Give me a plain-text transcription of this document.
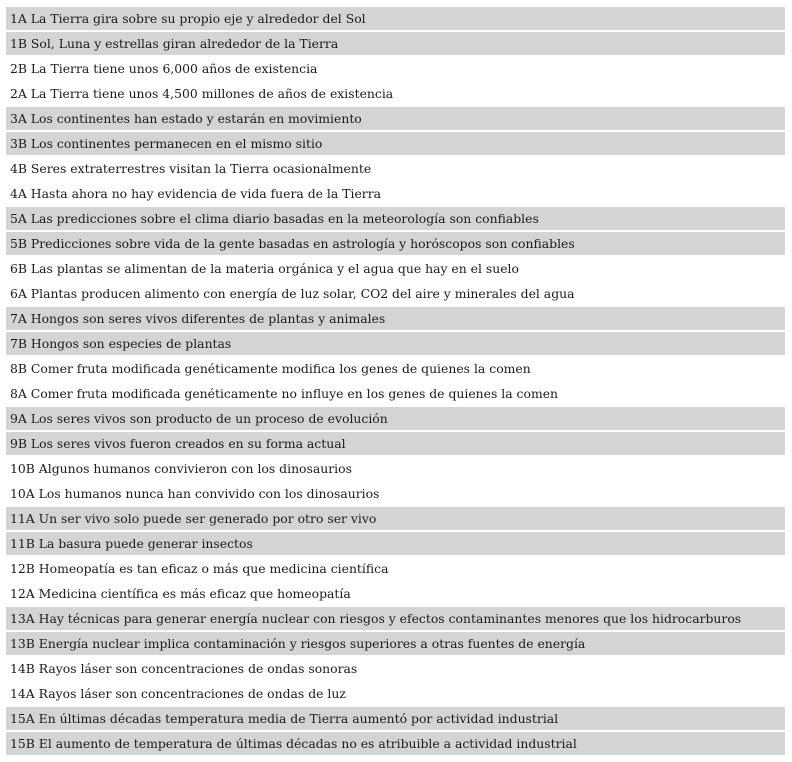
1A La Tierra gira sobre su propio eje y alrededor del Sol
1B Sol, Luna y estrellas giran alrededor de la Tierra
2B La Tierra tiene unos 6,000 años de existencia
2A La Tierra tiene unos 4,500 millones de años de existencia
3A Los continentes han estado y estarán en movimiento
3B Los continentes permanecen en el mismo sitio
4B Seres extraterrestres visitan la Tierra ocasionalmente
4A Hasta ahora no hay evidencia de vida fuera de la Tierra
5A Las predicciones sobre el clima diario basadas en la meteorología son confiables
5B Predicciones sobre vida de la gente basadas en astrología y horóscopos son confiables
6B Las plantas se alimentan de la materia orgánica y el agua que hay en el suelo
6A Plantas producen alimento con energía de luz solar, CO2 del aire y minerales del agua
7A Hongos son seres vivos diferentes de plantas y animales
7B Hongos son especies de plantas
8B Comer fruta modificada genéticamente modifica los genes de quienes la comen
8A Comer fruta modificada genéticamente no influye en los genes de quienes la comen
9A Los seres vivos son producto de un proceso de evolución
9B Los seres vivos fueron creados en su forma actual
10B Algunos humanos convivieron con los dinosaurios
10A Los humanos nunca han convivido con los dinosaurios
11A Un ser vivo solo puede ser generado por otro ser vivo
11B La basura puede generar insectos
12B Homeopatía es tan eficaz o más que medicina científica
12A Medicina científica es más eficaz que homeopatía
13A Hay técnicas para generar energía nuclear con riesgos y efectos contaminantes menores que los hidrocarburos
13B Energía nuclear implica contaminación y riesgos superiores a otras fuentes de energía
14B Rayos láser son concentraciones de ondas sonoras
14A Rayos láser son concentraciones de ondas de luz
15A En últimas décadas temperatura media de Tierra aumentó por actividad industrial
15B El aumento de temperatura de últimas décadas no es atribuible a actividad industrial
